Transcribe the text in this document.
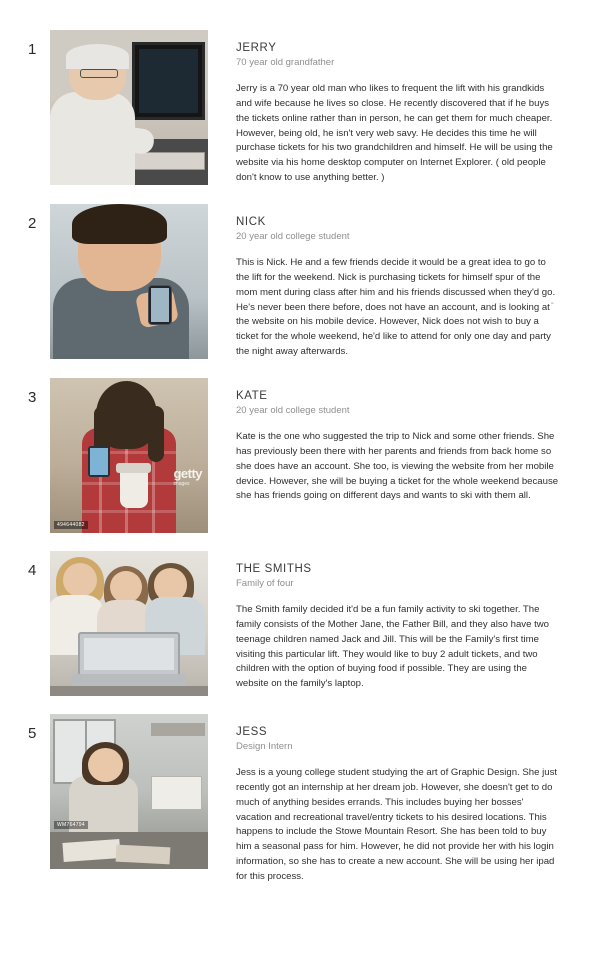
1	JERRY
70 year old grandfather

Jerry is a 70 year old man who likes to frequent the lift with his grandkids and wife because he lives so close. He recently discovered that if he buys the tickets online rather than in person, he can get them for much cheaper. However, being old, he isn't very web savy. He decides this time he will purchase tickets for his two grandchildren and himself. He will be using the website via his home desktop computer on Internet Explorer. ( old people don't know to use anything better. )

2	NICK
20 year old college student

This is Nick. He and a few friends decide it would be a great idea to go to the lift for the weekend. Nick is purchasing tickets for himself spur of the mom ment during class after him and his friends discussed when they'd go. He's never been there before, does not have an account, and is looking at the website on his mobile device. However, Nick does not wish to buy a ticket for the whole weekend, he'd like to attend for only one day and party the night away afterwards.

3
getty
images
494644082
KATE
20 year old college student

Kate is the one who suggested the trip to Nick and some other friends. She has previously been there with her parents and friends from back home so she does have an account. She too, is viewing the website from her mobile device. However, she will be buying a ticket for the whole weekend because she has friends going on different days and wants to ski with them all.

4	THE SMITHS
Family of four

The Smith family decided it'd be a fun family activity to ski together. The family consists of the Mother Jane, the Father Bill, and they also have two teenage children named Jack and Jill. This will be the Family's first time visiting this particular lift. They would like to buy 2 adult tickets, and two children with the option of buying food if possible. They are using the website on the family's laptop.

5
WM764794
JESS
Design Intern

Jess is a young college student studying the art of Graphic Design. She just recently got an internship at her dream job. However, she doesn't get to do much of anything besides errands. This includes buying her bosses' vacation and recreational travel/entry tickets to his desired locations. This happens to include the Stowe Mountain Resort. She has been told to buy him a seasonal pass for him. However, he did not provide her with his login information, so she has to create a new account. She will be using her ipad for this process.

-
